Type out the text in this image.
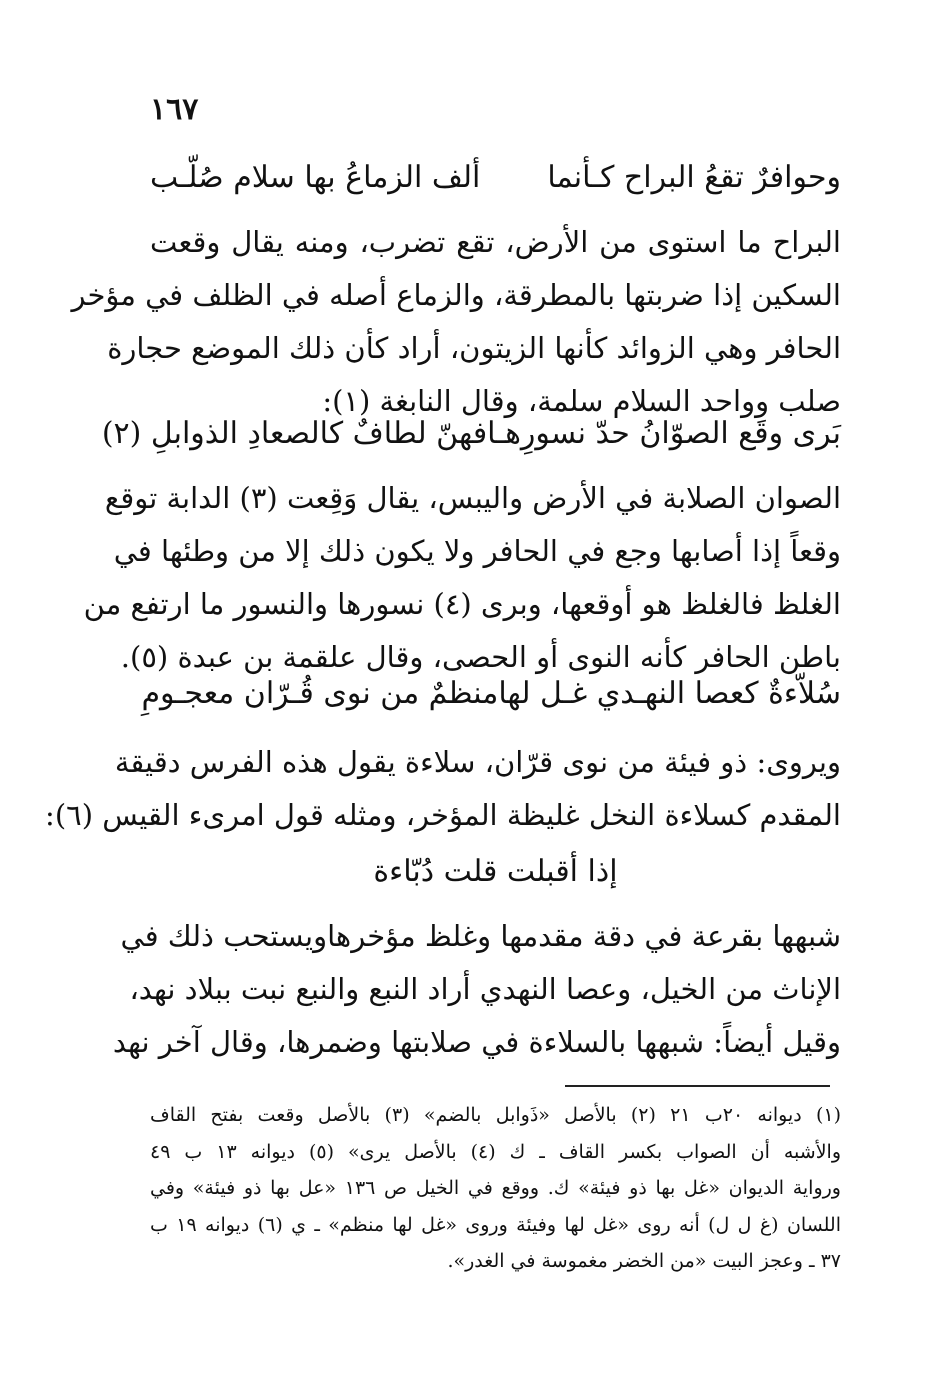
١٦٧
وحوافرٌ تقعُ البراح كـأنما
ألف الزماعُ بها سلام صُلّـب
البراح ما استوى من الأرض، تقع تضرب، ومنه يقال وقعت
السكين إذا ضربتها بالمطرقة، والزماع أصله في الظلف في مؤخر
الحافر وهي الزوائد كأنها الزيتون، أراد كأن ذلك الموضع حجارة
صلب وواحد السلام سلمة، وقال النابغة (١):
بَرى وقَع الصوّانُ حدّ نسورِهـا
فهنّ لطافٌ كالصعادِ الذوابلِ (٢)
الصوان الصلابة في الأرض واليبس، يقال وَقِعت (٣) الدابة توقع
وقعاً إذا أصابها وجع في الحافر ولا يكون ذلك إلا من وطئها في
الغلظ فالغلظ هو أوقعها، وبرى (٤) نسورها والنسور ما ارتفع من
باطن الحافر كأنه النوى أو الحصى، وقال علقمة بن عبدة (٥).
سُلاّءةٌ كعصا النهـدي غـل لها
منظمٌ من نوى قُـرّان معجـومِ
ويروى: ذو فيئة من نوى قرّان، سلاءة يقول هذه الفرس دقيقة
المقدم كسلاءة النخل غليظة المؤخر، ومثله قول امرىء القيس (٦):
إذا أقبلت قلت دُبّاءة
شبهها بقرعة في دقة مقدمها وغلظ مؤخرهاويستحب ذلك في
الإناث من الخيل، وعصا النهدي أراد النبع والنبع نبت ببلاد نهد،
وقيل أيضاً: شبهها بالسلاءة في صلابتها وضمرها، وقال آخر نهد
(١) ديوانه ٢٠ب ٢١ (٢) بالأصل «ذَوابل بالضم» (٣) بالأصل وقعت بفتح القاف
والأشبه أن الصواب بكسر القاف ـ ك (٤) بالأصل يرى» (٥) ديوانه ١٣ ب ٤٩
ورواية الديوان «غل بها ذو فيئة» ك. ووقع في الخيل ص ١٣٦ «عل بها ذو فيئة» وفي
اللسان (غ ل ل) أنه روى «غل لها وفيئة وروى «غل لها منظم» ـ ي (٦) ديوانه ١٩ ب
٣٧ ـ وعجز البيت «من الخضر مغموسة في الغدر».
